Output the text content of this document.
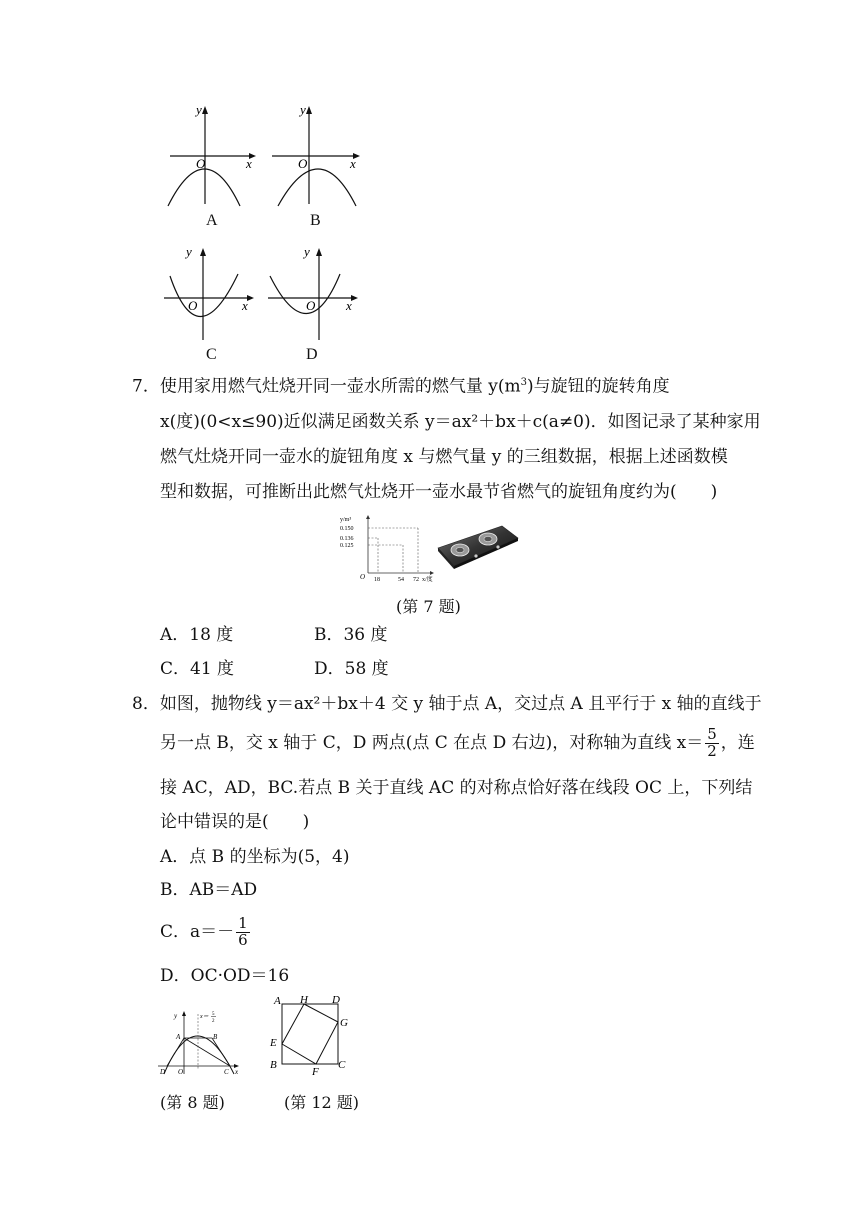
y
O	x
A
y
O	x
B
y
O	x
C
y
O x
D
7．使用家用燃气灶烧开同一壶水所需的燃气量 $y(m^3)$与旋钮的旋转角度
x(度)(0<x≤90)近似满足函数关系 y＝ax²＋bx＋c(a≠0)．如图记录了某种家用
燃气灶烧开同一壶水的旋钮角度 x 与燃气量 y 的三组数据，根据上述函数模
型和数据，可推断出此燃气灶烧开一壶水最节省燃气的旋钮角度约为(　　)
y/m³
0.150
0.136
0.125
O 18	54 72 x/度
(第 7 题)
A．18 度	B．36 度
C．41 度	D．58 度
8．如图，抛物线 y＝ax²＋bx＋4 交 y 轴于点 A，交过点 A 且平行于 x 轴的直线于
另一点 B，交 x 轴于 C，D 两点(点 C 在点 D 右边)，对称轴为直线 $x= \frac{5}{2}$ ，连
接 AC，AD，BC.若点 B 关于直线 AC 的对称点恰好落在线段 OC 上，下列结
论中错误的是(　　)
A．点 B 的坐标为(5，4)
B．AB＝AD
C．$a=- \frac{1}{6}$
D．OC·OD＝16
y	x＝ 5
2
A	B
D O	C x
A H D
E
G
B
F
C
(第 8 题)	(第 12 题)
